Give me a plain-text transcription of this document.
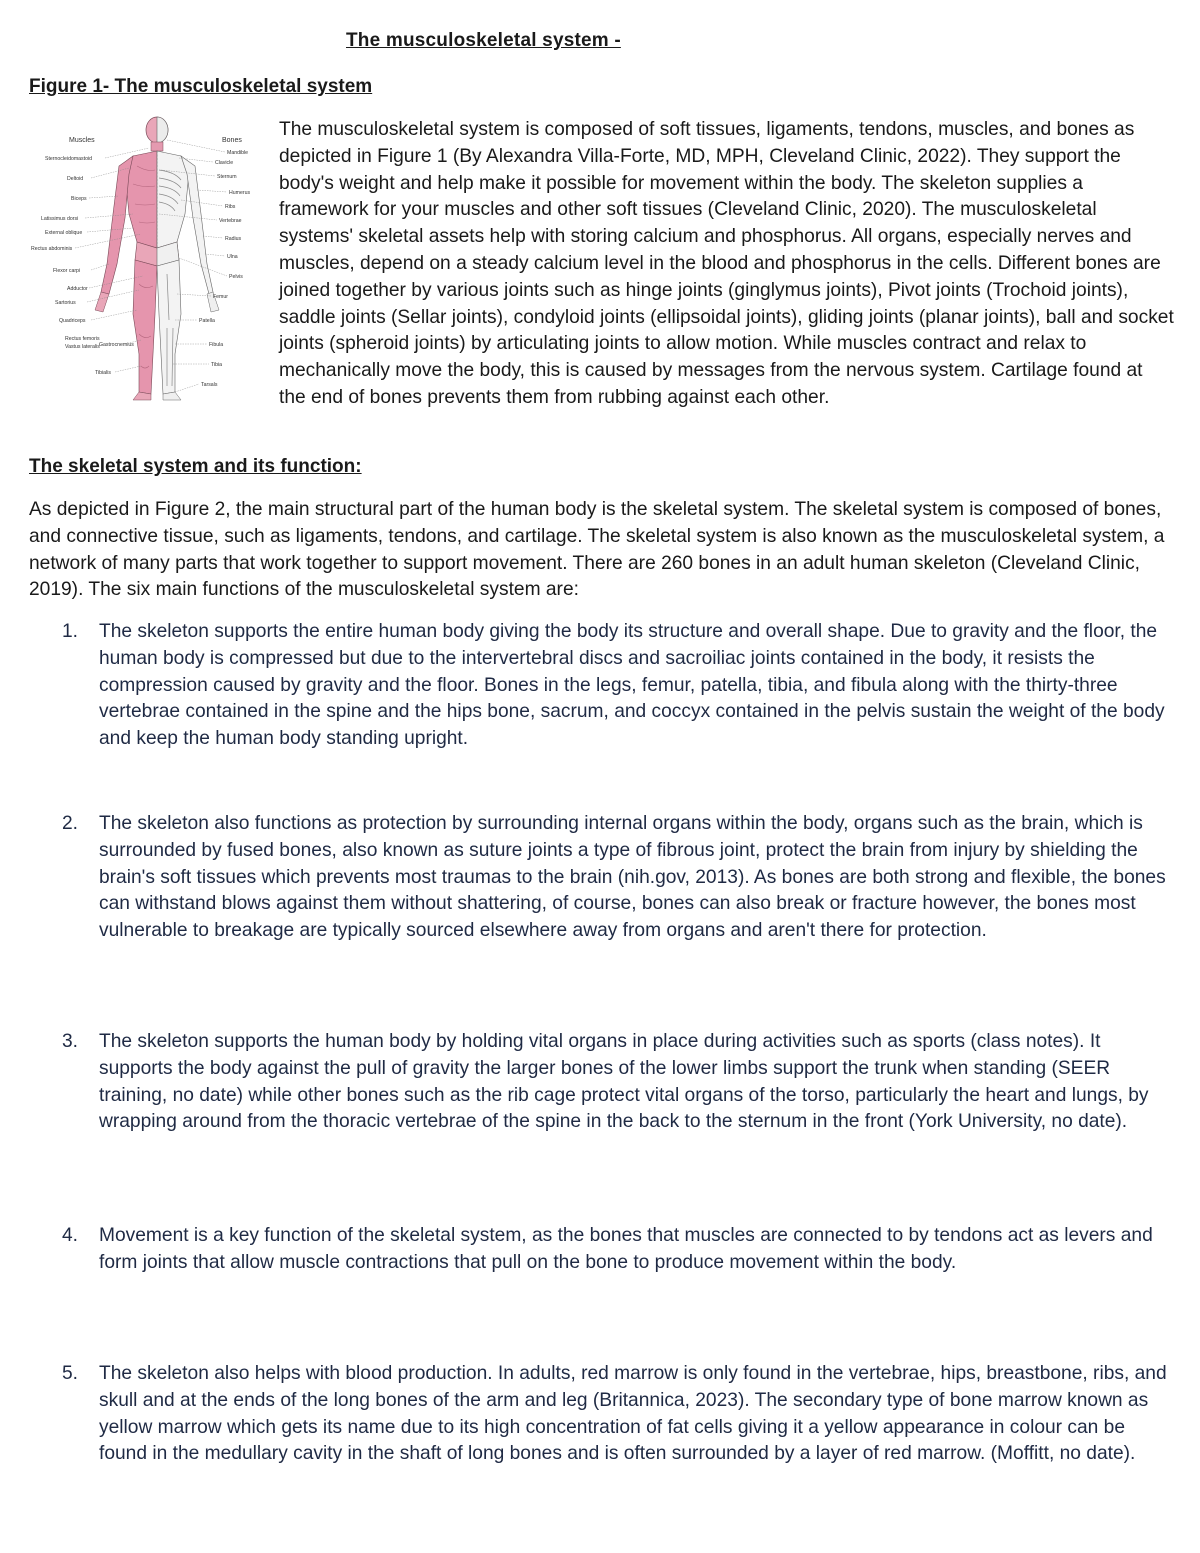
The musculoskeletal system -
Figure 1- The musculoskeletal system
Muscles	Bones
Sternocleidomastoid
Deltoid
Biceps
Latissimus dorsi
External oblique
Rectus abdominis
Flexor carpi
Adductor
Sartorius
Quadriceps
Rectus femoris
Vastus lateralis Gastrocnemius
Tibialis
Mandible
Clavicle
Sternum
Humerus
Ribs
Vertebrae
Radius
Ulna
Pelvis
Femur
Patella
Fibula
Tibia
Tarsals

The musculoskeletal system is composed of soft tissues, ligaments, tendons, muscles, and bones as depicted in Figure 1 (By Alexandra Villa-Forte, MD, MPH, Cleveland Clinic, 2022). They support the body's weight and help make it possible for movement within the body. The skeleton supplies a framework for your muscles and other soft tissues (Cleveland Clinic, 2020). The musculoskeletal systems' skeletal assets help with storing calcium and phosphorus. All organs, especially nerves and muscles, depend on a steady calcium level in the blood and phosphorus in the cells. Different bones are joined together by various joints such as hinge joints (ginglymus joints), Pivot joints (Trochoid joints), saddle joints (Sellar joints), condyloid joints (ellipsoidal joints), gliding joints (planar joints), ball and socket joints (spheroid joints) by articulating joints to allow motion. While muscles contract and relax to mechanically move the body, this is caused by messages from the nervous system. Cartilage found at the end of bones prevents them from rubbing against each other.

The skeletal system and its function:

As depicted in Figure 2, the main structural part of the human body is the skeletal system. The skeletal system is composed of bones, and connective tissue, such as ligaments, tendons, and cartilage. The skeletal system is also known as the musculoskeletal system, a network of many parts that work together to support movement. There are 260 bones in an adult human skeleton (Cleveland Clinic, 2019). The six main functions of the musculoskeletal system are:

1. The skeleton supports the entire human body giving the body its structure and overall shape. Due to gravity and the floor, the human body is compressed but due to the intervertebral discs and sacroiliac joints contained in the body, it resists the compression caused by gravity and the floor. Bones in the legs, femur, patella, tibia, and fibula along with the thirty-three vertebrae contained in the spine and the hips bone, sacrum, and coccyx contained in the pelvis sustain the weight of the body and keep the human body standing upright.
2. The skeleton also functions as protection by surrounding internal organs within the body, organs such as the brain, which is surrounded by fused bones, also known as suture joints a type of fibrous joint, protect the brain from injury by shielding the brain's soft tissues which prevents most traumas to the brain (nih.gov, 2013). As bones are both strong and flexible, the bones can withstand blows against them without shattering, of course, bones can also break or fracture however, the bones most vulnerable to breakage are typically sourced elsewhere away from organs and aren't there for protection.
3. The skeleton supports the human body by holding vital organs in place during activities such as sports (class notes). It supports the body against the pull of gravity the larger bones of the lower limbs support the trunk when standing (SEER training, no date) while other bones such as the rib cage protect vital organs of the torso, particularly the heart and lungs, by wrapping around from the thoracic vertebrae of the spine in the back to the sternum in the front (York University, no date).
4. Movement is a key function of the skeletal system, as the bones that muscles are connected to by tendons act as levers and form joints that allow muscle contractions that pull on the bone to produce movement within the body.
5. The skeleton also helps with blood production. In adults, red marrow is only found in the vertebrae, hips, breastbone, ribs, and skull and at the ends of the long bones of the arm and leg (Britannica, 2023). The secondary type of bone marrow known as yellow marrow which gets its name due to its high concentration of fat cells giving it a yellow appearance in colour can be found in the medullary cavity in the shaft of long bones and is often surrounded by a layer of red marrow. (Moffitt, no date).
